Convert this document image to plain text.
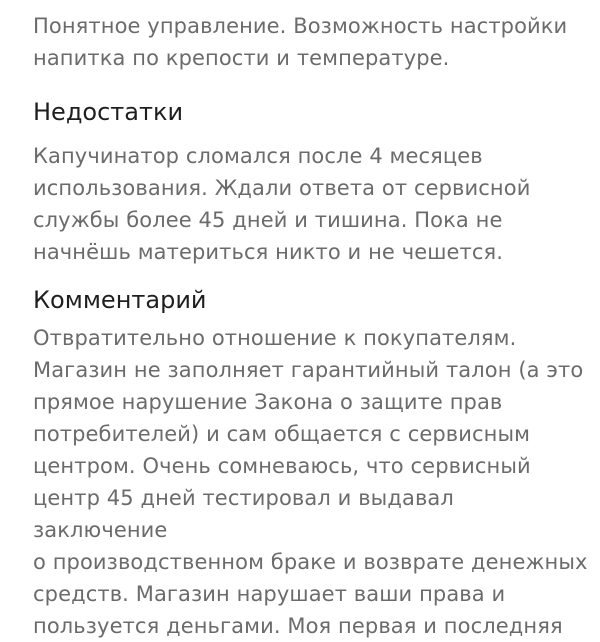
Понятное управление. Возможность настройки
напитка по крепости и температуре.

Недостатки

Капучинатор сломался после 4 месяцев
использования. Ждали ответа от сервисной
службы более 45 дней и тишина. Пока не
начнёшь материться никто и не чешется.

Комментарий

Отвратительно отношение к покупателям.
Магазин не заполняет гарантийный талон (а это
прямое нарушение Закона о защите прав
потребителей) и сам общается с сервисным
центром. Очень сомневаюсь, что сервисный
центр 45 дней тестировал и выдавал заключение
о производственном браке и возврате денежных
средств. Магазин нарушает ваши права и
пользуется деньгами. Моя первая и последняя
